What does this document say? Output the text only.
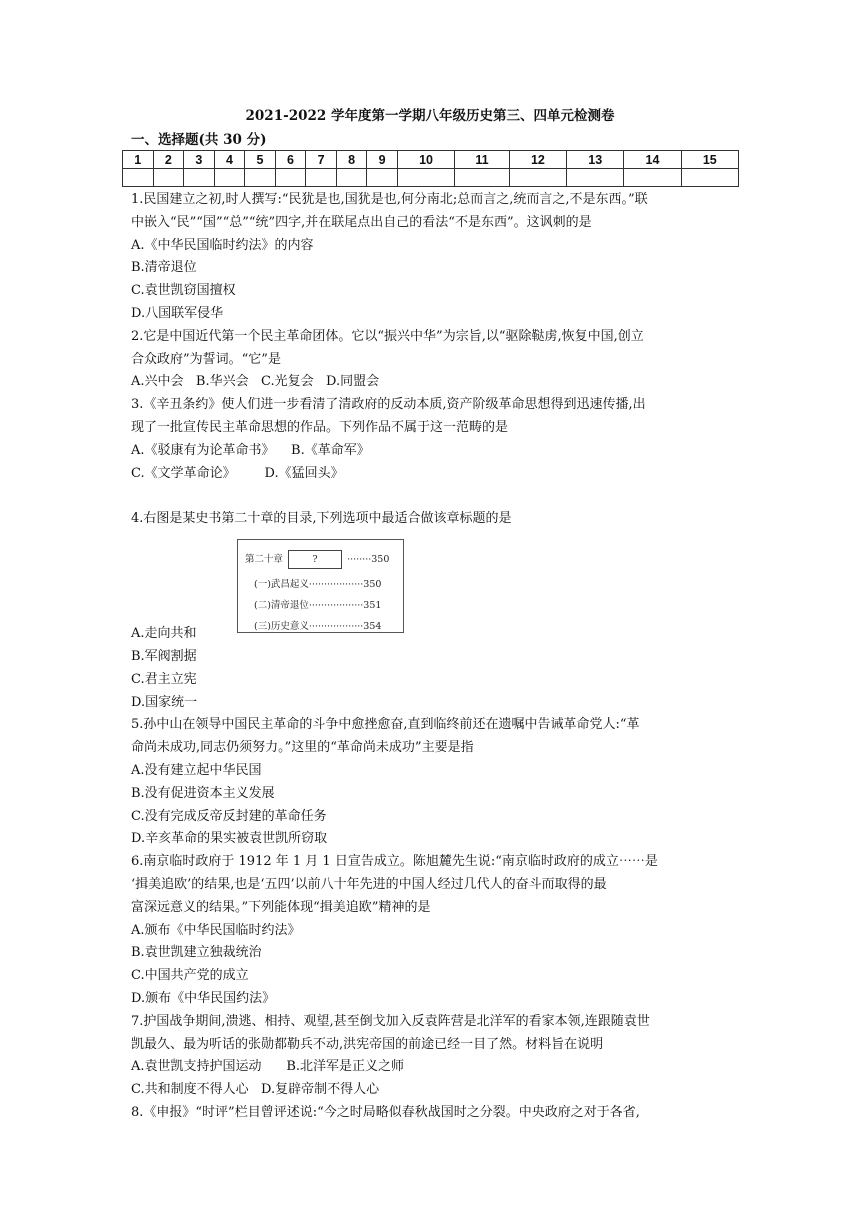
2021-2022 学年度第一学期八年级历史第三、四单元检测卷
一、选择题(共 30 分)
1	2	3	4	5	6	7	8	9	10	11	12	13	14	15

1.民国建立之初,时人撰写:“民犹是也,国犹是也,何分南北;总而言之,统而言之,不是东西。”联

中嵌入“民”“国”“总”“统”四字,并在联尾点出自己的看法“不是东西”。这讽刺的是

A.《中华民国临时约法》的内容

B.清帝退位

C.袁世凯窃国擅权

D.八国联军侵华

2.它是中国近代第一个民主革命团体。它以“振兴中华”为宗旨,以“驱除鞑虏,恢复中国,创立

合众政府”为誓词。“它”是

A.兴中会   B.华兴会   C.光复会   D.同盟会

3.《辛丑条约》使人们进一步看清了清政府的反动本质,资产阶级革命思想得到迅速传播,出

现了一批宣传民主革命思想的作品。下列作品不属于这一范畴的是

A.《驳康有为论革命书》    B.《革命军》

C.《文学革命论》       D.《猛回头》

4.右图是某史书第二十章的目录,下列选项中最适合做该章标题的是

第二十章	?	········350
(一)武昌起义··················350
(二)清帝退位··················351
(三)历史意义··················354

A.走向共和

B.军阀割据

C.君主立宪

D.国家统一

5.孙中山在领导中国民主革命的斗争中愈挫愈奋,直到临终前还在遗嘱中告诫革命党人:“革

命尚未成功,同志仍须努力。”这里的“革命尚未成功”主要是指

A.没有建立起中华民国

B.没有促进资本主义发展

C.没有完成反帝反封建的革命任务

D.辛亥革命的果实被袁世凯所窃取

6.南京临时政府于 1912 年 1 月 1 日宣告成立。陈旭麓先生说:“南京临时政府的成立⋯⋯是

‘揖美追欧’的结果,也是‘五四’以前八十年先进的中国人经过几代人的奋斗而取得的最

富深远意义的结果。”下列能体现“揖美追欧”精神的是

A.颁布《中华民国临时约法》

B.袁世凯建立独裁统治

C.中国共产党的成立

D.颁布《中华民国约法》

7.护国战争期间,溃逃、相持、观望,甚至倒戈加入反袁阵营是北洋军的看家本领,连跟随袁世

凯最久、最为听话的张勋都勒兵不动,洪宪帝国的前途已经一目了然。材料旨在说明

A.袁世凯支持护国运动      B.北洋军是正义之师

C.共和制度不得人心   D.复辟帝制不得人心

8.《申报》“时评”栏目曾评述说:“今之时局略似春秋战国时之分裂。中央政府之对于各省,
